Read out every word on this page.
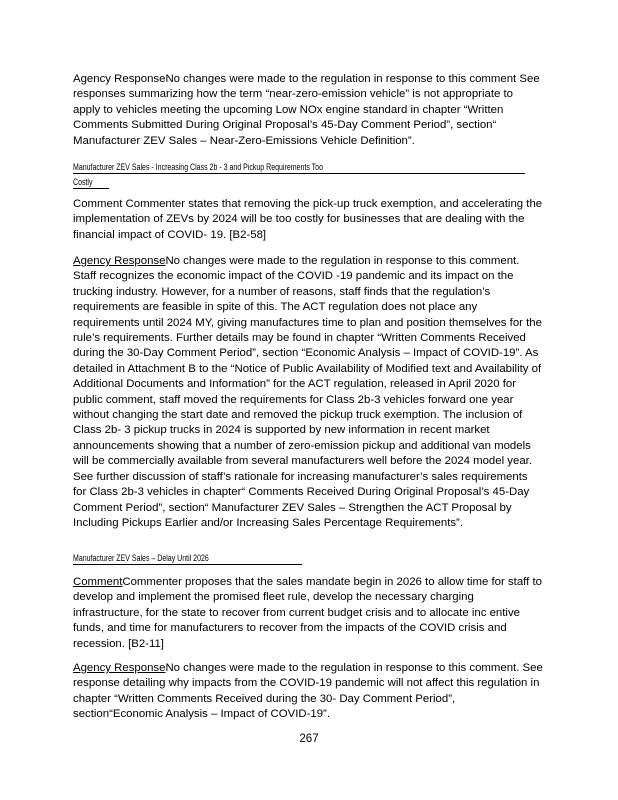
Agency ResponseNo changes were made to the regulation in response to this comment See responses summarizing how the term “near-zero-emission vehicle” is not appropriate to apply to vehicles meeting the upcoming Low NOx engine standard in chapter “Written Comments Submitted During Original Proposal’s 45-Day Comment Period”, section“ Manufacturer ZEV Sales – Near-Zero-Emissions Vehicle Definition”.

Manufacturer ZEV Sales - Increasing Class 2b - 3 and Pickup Requirements Too
Costly

Comment Commenter states that removing the pick-up truck exemption, and accelerating the implementation of ZEVs by 2024 will be too costly for businesses that are dealing with the financial impact of COVID- 19. [B2-58]

Agency ResponseNo changes were made to the regulation in response to this comment. Staff recognizes the economic impact of the COVID -19 pandemic and its impact on the trucking industry. However, for a number of reasons, staff finds that the regulation’s requirements are feasible in spite of this. The ACT regulation does not place any requirements until 2024 MY, giving manufactures time to plan and position themselves for the rule’s requirements. Further details may be found in chapter “Written Comments Received during the 30-Day Comment Period”, section “Economic Analysis – Impact of COVID-19”. As detailed in Attachment B to the “Notice of Public Availability of Modified text and Availability of Additional Documents and Information” for the ACT regulation, released in April 2020 for public comment, staff moved the requirements for Class 2b-3 vehicles forward one year without changing the start date and removed the pickup truck exemption. The inclusion of Class 2b- 3 pickup trucks in 2024 is supported by new information in recent market announcements showing that a number of zero-emission pickup and additional van models will be commercially available from several manufacturers well before the 2024 model year. See further discussion of staff’s rationale for increasing manufacturer’s sales requirements for Class 2b-3 vehicles in chapter“ Comments Received During Original Proposal’s 45-Day Comment Period”, section“ Manufacturer ZEV Sales – Strengthen the ACT Proposal by Including Pickups Earlier and/or Increasing Sales Percentage Requirements”.

Manufacturer ZEV Sales – Delay Until 2026

CommentCommenter proposes that the sales mandate begin in 2026 to allow time for staff to develop and implement the promised fleet rule, develop the necessary charging infrastructure, for the state to recover from current budget crisis and to allocate inc entive funds, and time for manufacturers to recover from the impacts of the COVID crisis and recession. [B2-11]

Agency ResponseNo changes were made to the regulation in response to this comment. See response detailing why impacts from the COVID-19 pandemic will not affect this regulation in chapter “Written Comments Received during the 30- Day Comment Period”, section“Economic Analysis – Impact of COVID-19”.

267
